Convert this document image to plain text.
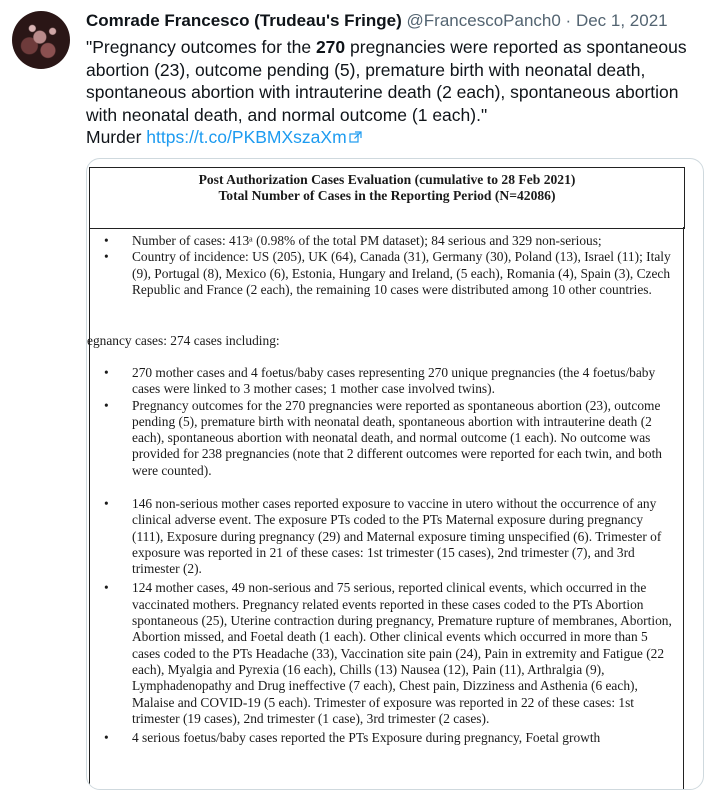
Comrade Francesco (Trudeau's Fringe) @FrancescoPanch0 · Dec 1, 2021
"Pregnancy outcomes for the 270 pregnancies were reported as spontaneous abortion (23), outcome pending (5), premature birth with neonatal death, spontaneous abortion with intrauterine death (2 each), spontaneous abortion with neonatal death, and normal outcome (1 each)."
Murder https://t.co/PKBMXszaXm
Post Authorization Cases Evaluation (cumulative to 28 Feb 2021)
Total Number of Cases in the Reporting Period (N=42086)
• Number of cases: 413ᵃ (0.98% of the total PM dataset); 84 serious and 329 non-serious;
• Country of incidence: US (205), UK (64), Canada (31), Germany (30), Poland (13), Israel (11); Italy (9), Portugal (8), Mexico (6), Estonia, Hungary and Ireland, (5 each), Romania (4), Spain (3), Czech Republic and France (2 each), the remaining 10 cases were distributed among 10 other countries.
egnancy cases: 274 cases including:
• 270 mother cases and 4 foetus/baby cases representing 270 unique pregnancies (the 4 foetus/baby cases were linked to 3 mother cases; 1 mother case involved twins).
• Pregnancy outcomes for the 270 pregnancies were reported as spontaneous abortion (23), outcome pending (5), premature birth with neonatal death, spontaneous abortion with intrauterine death (2 each), spontaneous abortion with neonatal death, and normal outcome (1 each). No outcome was provided for 238 pregnancies (note that 2 different outcomes were reported for each twin, and both were counted).
• 146 non-serious mother cases reported exposure to vaccine in utero without the occurrence of any clinical adverse event. The exposure PTs coded to the PTs Maternal exposure during pregnancy (111), Exposure during pregnancy (29) and Maternal exposure timing unspecified (6). Trimester of exposure was reported in 21 of these cases: 1st trimester (15 cases), 2nd trimester (7), and 3rd trimester (2).
• 124 mother cases, 49 non-serious and 75 serious, reported clinical events, which occurred in the vaccinated mothers. Pregnancy related events reported in these cases coded to the PTs Abortion spontaneous (25), Uterine contraction during pregnancy, Premature rupture of membranes, Abortion, Abortion missed, and Foetal death (1 each). Other clinical events which occurred in more than 5 cases coded to the PTs Headache (33), Vaccination site pain (24), Pain in extremity and Fatigue (22 each), Myalgia and Pyrexia (16 each), Chills (13) Nausea (12), Pain (11), Arthralgia (9), Lymphadenopathy and Drug ineffective (7 each), Chest pain, Dizziness and Asthenia (6 each), Malaise and COVID-19 (5 each). Trimester of exposure was reported in 22 of these cases: 1st trimester (19 cases), 2nd trimester (1 case), 3rd trimester (2 cases).
• 4 serious foetus/baby cases reported the PTs Exposure during pregnancy, Foetal growth
